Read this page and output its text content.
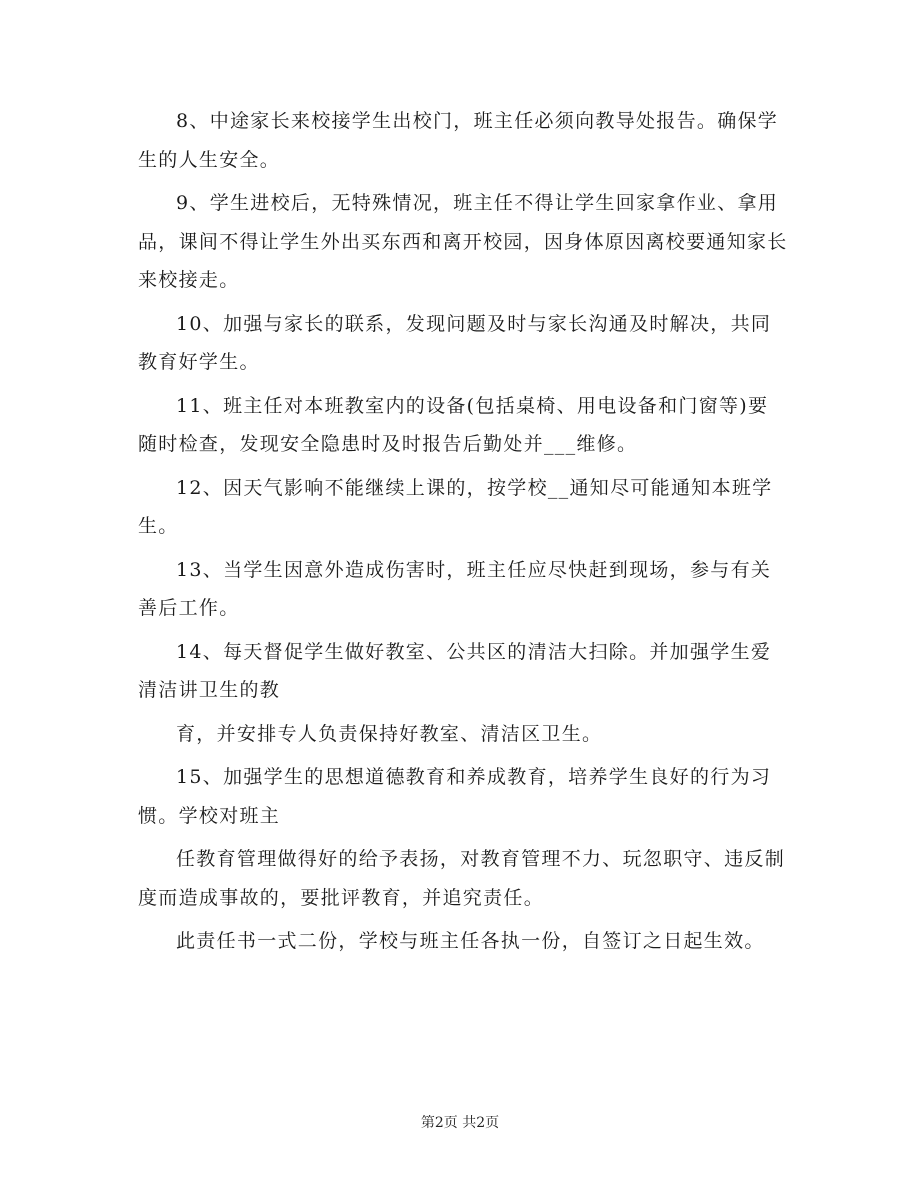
8、中途家长来校接学生出校门，班主任必须向教导处报告。确保学生的人生安全。

9、学生进校后，无特殊情况，班主任不得让学生回家拿作业、拿用品，课间不得让学生外出买东西和离开校园，因身体原因离校要通知家长来校接走。

10、加强与家长的联系，发现问题及时与家长沟通及时解决，共同教育好学生。

11、班主任对本班教室内的设备(包括桌椅、用电设备和门窗等)要随时检查，发现安全隐患时及时报告后勤处并___维修。

12、因天气影响不能继续上课的，按学校__通知尽可能通知本班学生。

13、当学生因意外造成伤害时，班主任应尽快赶到现场，参与有关善后工作。

14、每天督促学生做好教室、公共区的清洁大扫除。并加强学生爱清洁讲卫生的教

育，并安排专人负责保持好教室、清洁区卫生。

15、加强学生的思想道德教育和养成教育，培养学生良好的行为习惯。学校对班主

任教育管理做得好的给予表扬，对教育管理不力、玩忽职守、违反制度而造成事故的，要批评教育，并追究责任。

此责任书一式二份，学校与班主任各执一份，自签订之日起生效。

第2页 共2页
